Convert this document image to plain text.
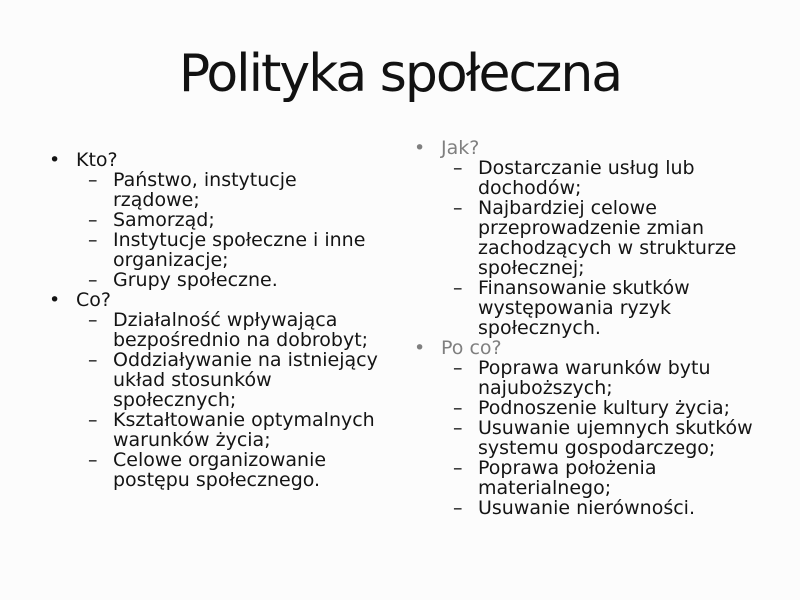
Polityka społeczna
• Kto?
– Państwo, instytucje
rządowe;
– Samorząd;
– Instytucje społeczne i inne
organizacje;
– Grupy społeczne.
• Co?
– Działalność wpływająca
bezpośrednio na dobrobyt;
– Oddziaływanie na istniejący
układ stosunków
społecznych;
– Kształtowanie optymalnych
warunków życia;
– Celowe organizowanie
postępu społecznego.
• Jak?
– Dostarczanie usług lub
dochodów;
– Najbardziej celowe
przeprowadzenie zmian
zachodzących w strukturze
społecznej;
– Finansowanie skutków
występowania ryzyk
społecznych.
• Po co?
– Poprawa warunków bytu
najuboższych;
– Podnoszenie kultury życia;
– Usuwanie ujemnych skutków
systemu gospodarczego;
– Poprawa położenia
materialnego;
– Usuwanie nierówności.
